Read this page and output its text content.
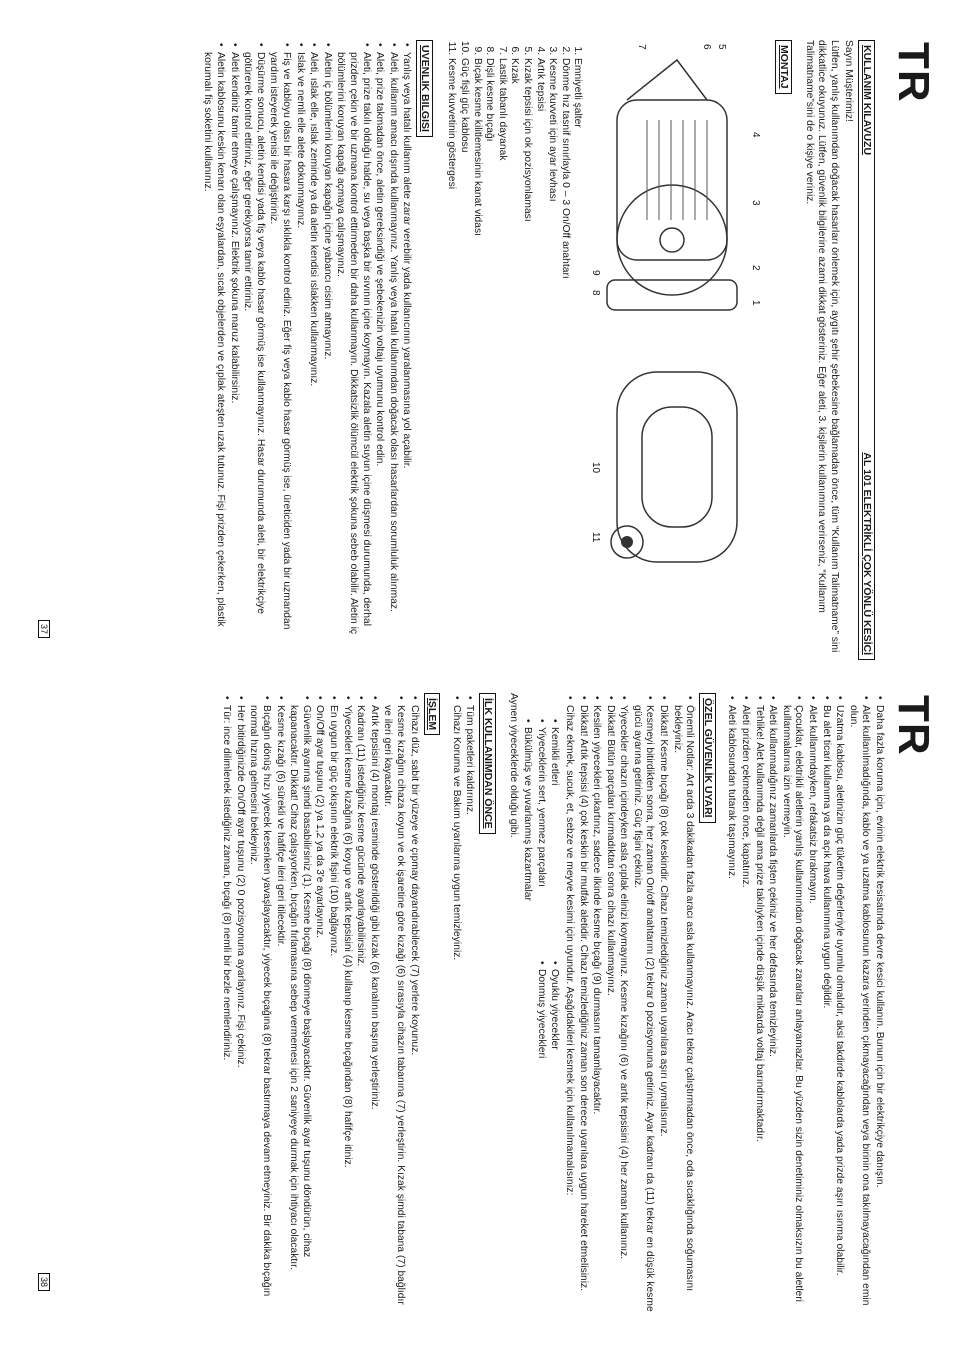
TR
KULLANIM KILAVUZU
AL 101 ELEKTRİKLİ ÇOK YÖNLÜ KESİCİ
Sayın Müşterimiz!
Lütfen, yanlış kullanımdan doğacak hasarları önlemek için, aygıtı şehir şebekesine bağlamadan önce, tüm “Kullanım Talimatname” sini dikkatlice okuyunuz. Lütfen, güvenlik bilgilerine azami dikkat gösteriniz. Eğer aleti, 3. kişilerin kullanımına verirseniz, “Kullanım Talimatname”sini de o kişiye veriniz.
MONTAJ
4
3
2
1
5
6
7
9
8
10
11
1. Emniyetli şalter
2. Dönme hız tasnif sınırlayla 0 – 3 On/Off anahtarı
3. Kesme kuvveti için ayar levhası
4. Artık tepsisi
5. Kızak tepsisi için ok pozisyonlaması
6. Kızak
7. Lastik tabanlı dayanak
8. Dişli kesme bıçağı
9. Bıçak kesme kilitlemesinin kanat vidası
10. Güç fişli güç kablosu
11. Kesme kuvvetinin göstergesi
UVENLIK BILGISI
• Yanlış veya hatalı kullanım alete zarar verebilir yada kullanıcının yaralanmasına yol açabilir.
• Aleti, kullanım amacı dışında kullanmayınız. Yanlış veya hatalı kullanımdan doğacak olası hasarlardan sorumluluk alınmaz.
• Aleti, prize takmadan önce, aletin gereksindiği ve şebekenizin voltajı uyumunu kontrol edin.
• Aleti, prize takılı olduğu halde, su veya başka bir sıvının içine koymayın. Kazala aletin suyun içine düşmesi durumunda, derhal prizden çekin ve bir uzmana kontrol ettirmeden bir daha kullanmayın. Dikkatsizlik ölümcül elektrik şokuna sebeb olabilir. Aletin iç bölümlerini koruyan kapağı açmaya çalışmayınız.
• Aletin iç bölümlerini koruyan kapağın içine yabancı cisim atmayınız.
• Aleti, ıslak elle, ıslak zeminde ya da aletin kendisi ıslakken kullanmayınız.
• Islak ve nemli elle alete dokunmayınız.
• Fiş ve kabloyu olası bir hasara karşı sıklıkla kontrol ediniz. Eğer fiş veya kablo hasar görmüş ise, üreticiden yada bir uzmandan yardım isteyerek yenisi ile değiştiriniz.
• Düşürme sonucu, aletin kendisi yada fiş veya kablo hasar görmüş ise kullanmayınız. Hasar durumunda aleti, bir elektrikçiye götürerek kontrol ettiriniz, eğer gerekiyorsa tamir ettiriniz.
• Aleti kendiniz tamir etmeye çalışmayınız. Elektrik şokuna maruz kalabilirsiniz.
• Aletin kablosunu keskin kenarı olan eşyalardan, sıcak objelerden ve çıplak ateşten uzak tutunuz. Fişi prizden çekerken, plastik korumalı fiş soketini kullanınız.
37
TR
• Daha fazla koruma için, evinin elektrik tesisatında devre kesici kullanın. Bunun için bir elektrikçiye danışın.
• Alet kullanılmadığında, kablo ve ya uzatma kablosunun kazara yerinden çıkmayacağından veya birinin ona takılmayacağından emin olun.
• Uzatma kablosu, aletinizin güç tüketim değerleriyle uyumlu olmalıdır, aksi takdirde kablolarda yada prizde aşırı ısınma olabilir.
• Bu alet ticari kullanıma ya da açık hava kullanımına uygun değildir.
• Alet kullanımdayken, refakatsiz bırakmayın.
• Çocuklar, elektrikli aletlerin yanlış kullanımından doğacak zararları anlayamazlar. Bu yüzden sizin denetiminiz olmaksızın bu aletleri kullanmalarına izin vermeyin.
• Aleti kullanmadığınız zamanlarda fişten çekiniz ve her defasında temizleyiniz.
• Tehlike! Alet kullanımda değil ama prize takılıyken içinde düşük miktarda voltaj barındırmaktadır.
• Aleti prizden çekmeden önce, kapatınız.
• Aleti kablosundan tutarak taşımayınız.
ÖZEL GÜVENLİK UYARI
• Önemli Notlar: Art arda 3 dakikadan fazla aracı asla kullanmayınız. Aracı tekrar çalıştırmadan önce, oda sıcaklığında soğumasını bekleyiniz.
• Dikkat! Kesme bıçağı (8) çok keskindir. Cihazı temizlediğiniz zaman uyarılara aşırı uymalısınız.
• Kesmeyi bitirdikten sonra, her zaman On/off anahtarını (2) tekrar 0 pozisyonuna getiriniz. Ayar kadranı da (11) tekrar en düşük kesme gücü ayarına getiriniz. Güç fişini çekiniz.
• Yiyecekler cihazın içindeyken asla çıplak elinizi koymayınız. Kesme kızağını (6) ve artık tepsisini (4) her zaman kullanınız.
• Dikkat! Bütün parçaları kurmadıktan sonra cihazı kullanmayınız.
• Kesilen yiyecekleri çıkartınız, sadece ilkinde kesme bıçağı (9) durmasını tamamlayacaktır.
• Dikkat! Artık tepsisi (4) çok keskin bir mutfak aletidir. Cihazı temizlediğiniz zaman son derece uyarılara uygun hareket etmelisiniz.
• Cihaz ekmek, sucuk, et, sebze ve meyve kesimi için uyundur. Aşağıdakileri kesmek için kullanılmamalısınız:
• Kemikli etleri
• Yiyeceklerin sert, yenmez parçaları
• Bükülmüş ve yuvarlanmış kazartmalar
• Oyuklu yiyecekler
• Donmuş yiyecekleri
Aynen yiyeceklerde olduğu gibi.
İLK KULLANIMDAN ÖNCE
• Tüm paketleri kaldırınız.
• Cihazı Koruma ve Bakım uyarılarına uygun temizleyiniz.
İŞLEM
• Cihazı düz, sabit bir yüzeye ve çıpmay dayandırabilecek (7) yerlere koyunuz.
• Kesme kızağını cihaza koyun ve ok işaretine göre kızağı (6) sırasıyla cihazın tabanına (7) yerleştirin. Kızak şimdi tabana (7) bağlıdır ve ileri geri kayacaktır.
• Artık tepsisini (4) montaj resminde gösterildiği gibi kızak (6) kanalının başına yerleştiriniz.
• Kadranı (11) istediğiniz kesme gücünde ayarlayabilirsiniz.
• Yiyecekleri kesme kızağına (6) koyup ve artık tepsisini (4) kullanıp kesme bıçağından (8) hafifçe itiniz.
• En uygun bir güç çıkışının elektrik fişini (10) bağlayınız.
• On/Off ayar tuşunu (2) ya 1,2 ya da 3'e ayarlayınız.
• Güvenlik ayarına şimdi basabilirsiniz (1). Kesme bıçağı (8) dönmeye başlayacaktır. Güvenlik ayar tuşunu döndürün, cihaz kapanacaktır. Dikkat! Cihaz çalışıyorken, bıçağın fırlamasına sebep vermemesi için 2 saniyeye durmak için ihtiyacı olacaktır.
• Kesme kızağı (6) sürekli ve hafifçe ileri geri itilecektir.
• Bıçağın dönüş hızı yiyecek kesenken yavaşlayacaktır, yiyecek bıçağına (8) tekrar bastırmaya devam etmeyiniz. Bir dakika bıçağın normal hızına gelmesini bekleyiniz.
• Her bitirdiğinizde On/Off ayar tuşunu (2) 0 pozisyonuna ayarlayınız. Fişi çekiniz.
• Tür: ince dilimlenek istediğiniz zaman, bıçağı (8) nemli bir bezle nemlendiriniz.
38
